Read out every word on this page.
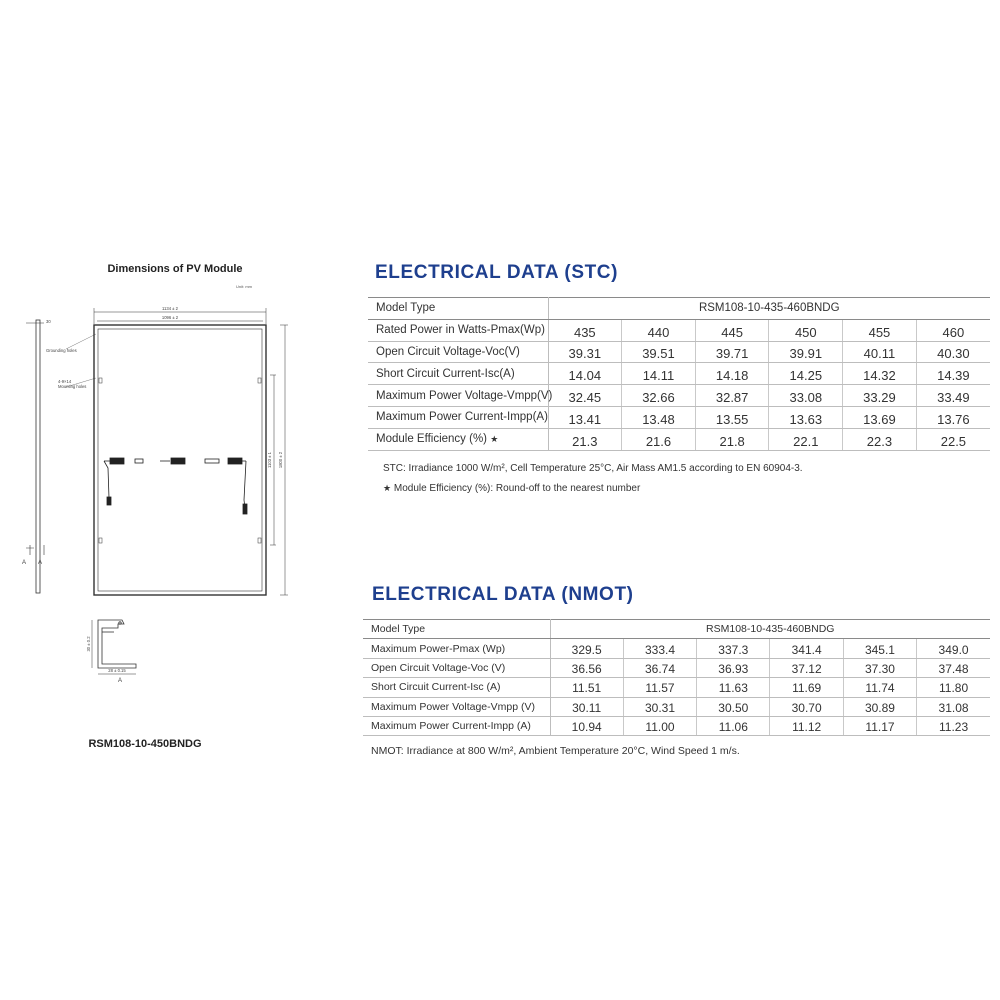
Dimensions of PV Module
Unit: mm
30
A A
Grounding holes
4-9×14
Mounting holes
1134 ± 2
1096 ± 2
1103 ± 1 1800 ± 2
30 ± 0.2
28 ± 0.15
A
RSM108-10-450BNDG
ELECTRICAL DATA (STC)
Model Type	RSM108-10-435-460BNDG					
Rated Power in Watts-Pmax(Wp)	435	440	445	450	455	460
Open Circuit Voltage-Voc(V)	39.31	39.51	39.71	39.91	40.11	40.30
Short Circuit Current-Isc(A)	14.04	14.11	14.18	14.25	14.32	14.39
Maximum Power Voltage-Vmpp(V)	32.45	32.66	32.87	33.08	33.29	33.49
Maximum Power Current-Impp(A)	13.41	13.48	13.55	13.63	13.69	13.76
Module Efficiency (%) ★	21.3	21.6	21.8	22.1	22.3	22.5
STC: Irradiance 1000 W/m², Cell Temperature 25°C, Air Mass AM1.5 according to EN 60904-3.
★ Module Efficiency (%): Round-off to the nearest number
ELECTRICAL DATA (NMOT)
Model Type	RSM108-10-435-460BNDG					
Maximum Power-Pmax (Wp)	329.5	333.4	337.3	341.4	345.1	349.0
Open Circuit Voltage-Voc (V)	36.56	36.74	36.93	37.12	37.30	37.48
Short Circuit Current-Isc (A)	11.51	11.57	11.63	11.69	11.74	11.80
Maximum Power Voltage-Vmpp (V)	30.11	30.31	30.50	30.70	30.89	31.08
Maximum Power Current-Impp (A)	10.94	11.00	11.06	11.12	11.17	11.23
NMOT: Irradiance at 800 W/m², Ambient Temperature 20°C, Wind Speed 1 m/s.
